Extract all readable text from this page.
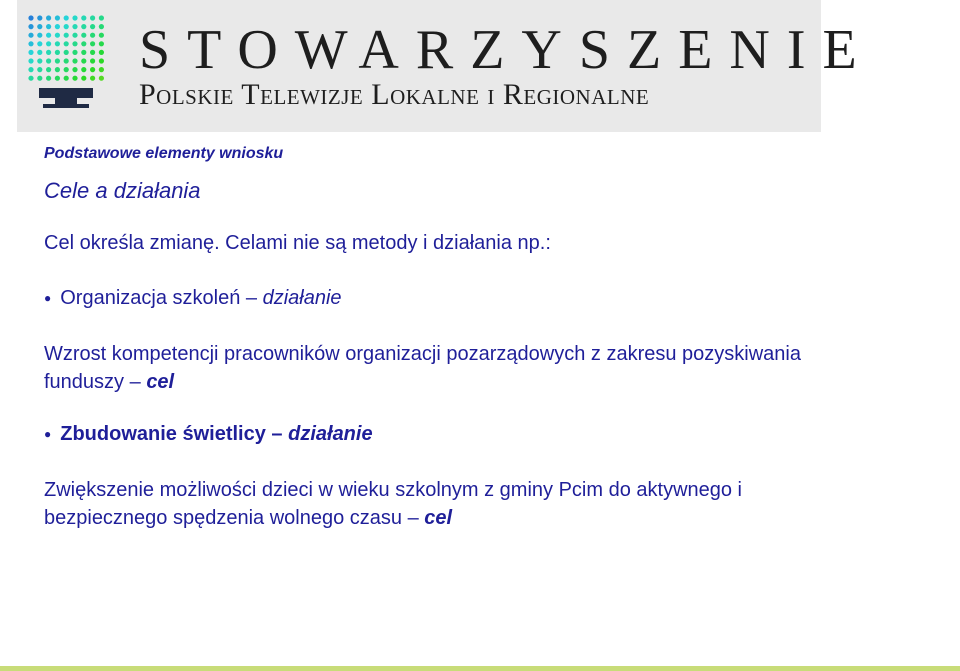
STOWARZYSZENIE
Polskie Telewizje Lokalne i Regionalne
Podstawowe elementy wniosku
Cele a działania
Cel określa zmianę. Celami nie są metody i działania np.:
● Organizacja szkoleń
–
działanie

Wzrost kompetencji pracowników organizacji pozarządowych z zakresu pozyskiwania funduszy – cel

● Zbudowanie świetlicy
–
działanie

Zwiększenie możliwości dzieci w wieku szkolnym z gminy Pcim do aktywnego i bezpiecznego spędzenia wolnego czasu – cel
